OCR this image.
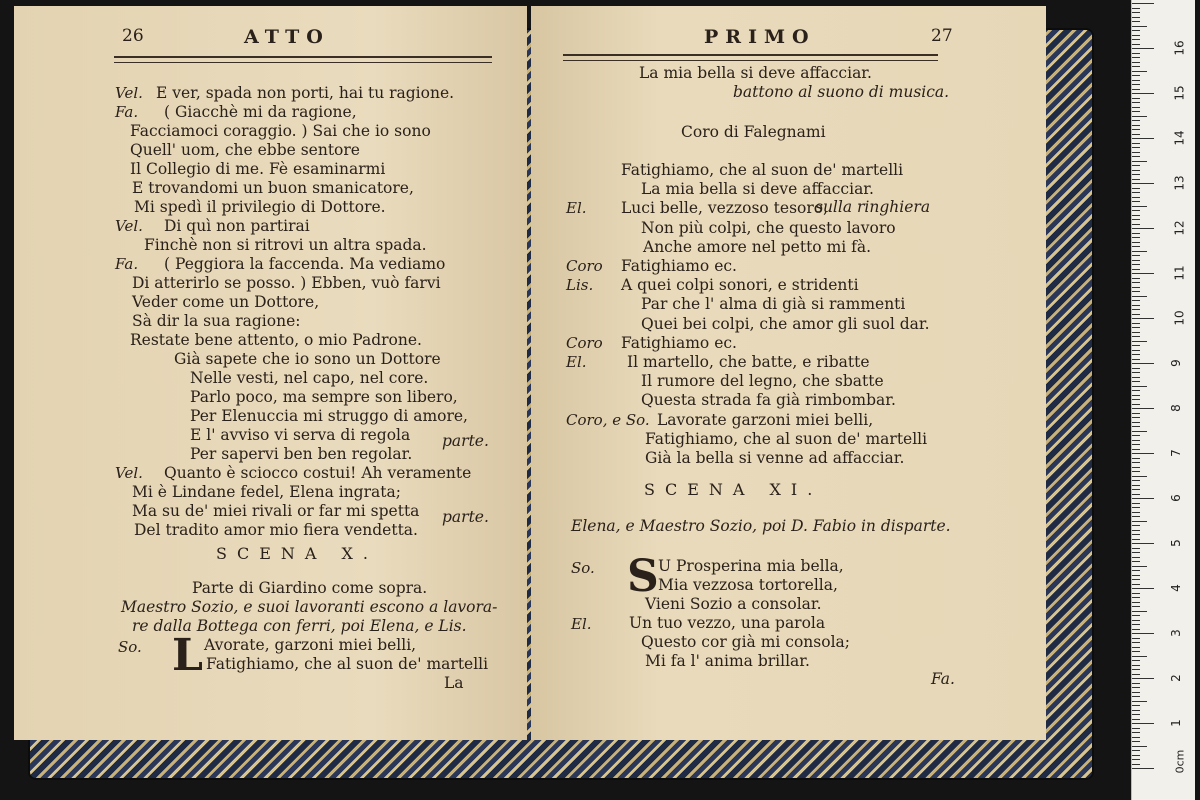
26	ATTO
Vel. E ver, spada non porti, hai tu ragione.
Fa. ( Giacchè mi da ragione,
Facciamoci coraggio. ) Sai che io sono
Quell' uom, che ebbe sentore
Il Collegio di me. Fè esaminarmi
E trovandomi un buon smanicatore,
Mi spedì il privilegio di Dottore.
Vel. Di quì non partirai
Finchè non si ritrovi un altra spada.
Fa. ( Peggiora la faccenda. Ma vediamo
Di atterirlo se posso. ) Ebben, vuò farvi
Veder come un Dottore,
Sà dir la sua ragione:
Restate bene attento, o mio Padrone.
Già sapete che io sono un Dottore
Nelle vesti, nel capo, nel core.
Parlo poco, ma sempre son libero,
Per Elenuccia mi struggo di amore,
E l' avviso vi serva di regola
Per sapervi ben ben regolar.
Vel. Quanto è sciocco costui! Ah veramente
Mi è Lindane fedel, Elena ingrata;
Ma su de' miei rivali or far mi spetta
Del tradito amor mio fiera vendetta.
parte.
parte.
SCENA X.
Parte di Giardino come sopra.
Maestro Sozio, e suoi lavoranti escono a lavora-
re dalla Bottega con ferri, poi Elena, e Lis.
So. L Avorate, garzoni miei belli,
Fatighiamo, che al suon de' martelli
La
PRIMO	27
La mia bella si deve affacciar.
battono al suono di musica.
Coro di Falegnami
Fatighiamo, che al suon de' martelli
La mia bella si deve affacciar.
El. Luci belle, vezzoso tesoro,
Non più colpi, che questo lavoro
Anche amore nel petto mi fà.
Coro Fatighiamo ec.
Lis. A quei colpi sonori, e stridenti
Par che l' alma di già si rammenti
Quei bei colpi, che amor gli suol dar.
Coro Fatighiamo ec.
El.	Il martello, che batte, e ribatte
Il rumore del legno, che sbatte
Questa strada fa già rimbombar.
Coro, e So. Lavorate garzoni miei belli,
Fatighiamo, che al suon de' martelli
Già la bella si venne ad affacciar.
sulla ringhiera
SCENA XI.
Elena, e Maestro Sozio, poi D. Fabio in disparte.
So. S U Prosperina mia bella,
Mia vezzosa tortorella,
Vieni Sozio a consolar.
El. Un tuo vezzo, una parola
Questo cor già mi consola;
Mi fa l' anima brillar.
Fa.
0cm
1
2
3
4
5
6
7
8
9
10
11
12
13
14
15
16
